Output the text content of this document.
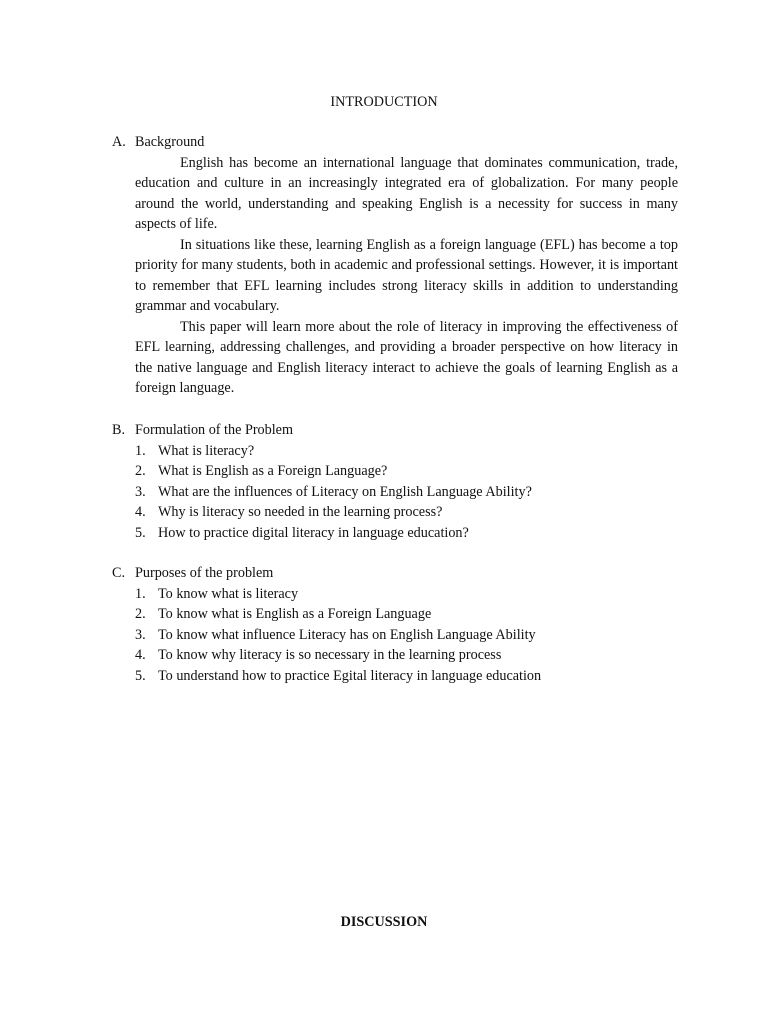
INTRODUCTION
A. Background
English has become an international language that dominates communication, trade, education and culture in an increasingly integrated era of globalization. For many people around the world, understanding and speaking English is a necessity for success in many aspects of life.
In situations like these, learning English as a foreign language (EFL) has become a top priority for many students, both in academic and professional settings. However, it is important to remember that EFL learning includes strong literacy skills in addition to understanding grammar and vocabulary.
This paper will learn more about the role of literacy in improving the effectiveness of EFL learning, addressing challenges, and providing a broader perspective on how literacy in the native language and English literacy interact to achieve the goals of learning English as a foreign language.
B. Formulation of the Problem
1. What is literacy?
2. What is English as a Foreign Language?
3. What are the influences of Literacy on English Language Ability?
4. Why is literacy so needed in the learning process?
5. How to practice digital literacy in language education?
C. Purposes of the problem
1. To know what is literacy
2. To know what is English as a Foreign Language
3. To know what influence Literacy has on English Language Ability
4. To know why literacy is so necessary in the learning process
5. To understand how to practice Egital literacy in language education
DISCUSSION
